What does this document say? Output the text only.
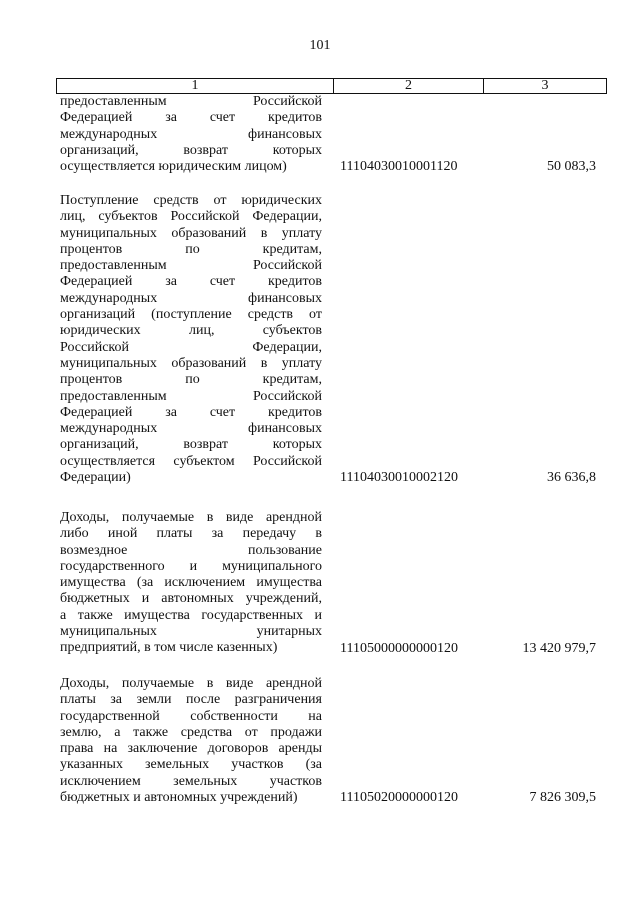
101
1	2	3
предоставленным Российской
Федерацией за счет кредитов
международных финансовых
организаций, возврат которых
осуществляется юридическим лицом)	11104030010001120	50 083,3
Поступление средств от юридических
лиц, субъектов Российской Федерации,
муниципальных образований в уплату
процентов по кредитам,
предоставленным Российской
Федерацией за счет кредитов
международных финансовых
организаций (поступление средств от
юридических лиц, субъектов
Российской Федерации,
муниципальных образований в уплату
процентов по кредитам,
предоставленным Российской
Федерацией за счет кредитов
международных финансовых
организаций, возврат которых
осуществляется субъектом Российской
Федерации)	11104030010002120	36 636,8
Доходы, получаемые в виде арендной
либо иной платы за передачу в
возмездное пользование
государственного и муниципального
имущества (за исключением имущества
бюджетных и автономных учреждений,
а также имущества государственных и
муниципальных унитарных
предприятий, в том числе казенных)	11105000000000120	13 420 979,7
Доходы, получаемые в виде арендной
платы за земли после разграничения
государственной собственности на
землю, а также средства от продажи
права на заключение договоров аренды
указанных земельных участков (за
исключением земельных участков
бюджетных и автономных учреждений)	11105020000000120	7 826 309,5
